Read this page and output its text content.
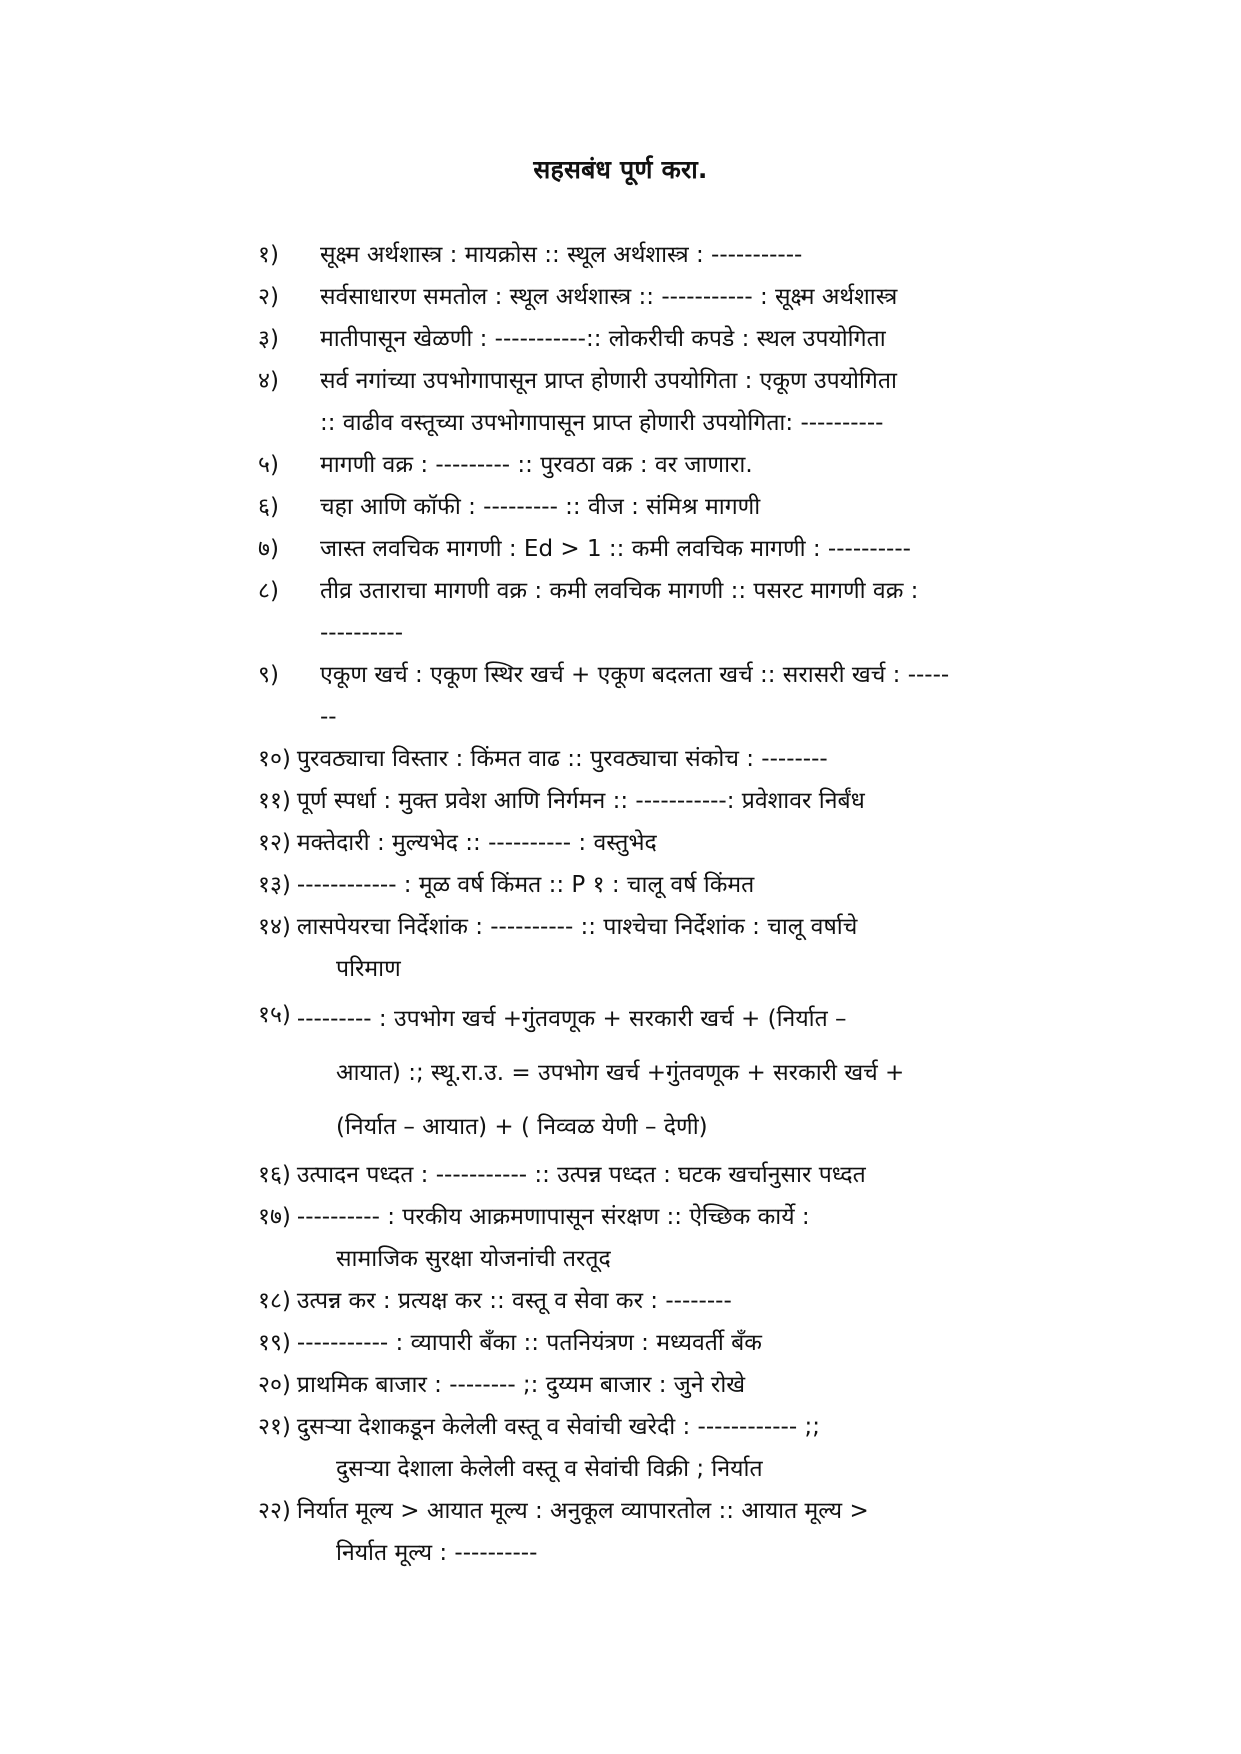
सहसबंध पूर्ण करा.
१)	सूक्ष्म अर्थशास्त्र : मायक्रोस :: स्थूल अर्थशास्त्र : -----------
२)	सर्वसाधारण समतोल : स्थूल अर्थशास्त्र :: ----------- : सूक्ष्म अर्थशास्त्र
३)	मातीपासून खेळणी : -----------:: लोकरीची कपडे : स्थल उपयोगिता
४)	सर्व नगांच्या उपभोगापासून प्राप्त होणारी उपयोगिता : एकूण उपयोगिता
:: वाढीव वस्तूच्या उपभोगापासून प्राप्त होणारी उपयोगिता: ----------
५)	मागणी वक्र : --------- :: पुरवठा वक्र : वर जाणारा.
६)	चहा आणि कॉफी : --------- :: वीज : संमिश्र मागणी
७)	जास्त लवचिक मागणी : Ed > 1 :: कमी लवचिक मागणी : ----------
८)	तीव्र उताराचा मागणी वक्र : कमी लवचिक मागणी :: पसरट मागणी वक्र :
----------
९)	एकूण खर्च : एकूण स्थिर खर्च + एकूण बदलता खर्च :: सरासरी खर्च : -----
--
१०) पुरवठ्याचा विस्तार : किंमत वाढ :: पुरवठ्याचा संकोच : --------
११) पूर्ण स्पर्धा : मुक्त प्रवेश आणि निर्गमन :: -----------: प्रवेशावर निर्बंध
१२) मक्तेदारी : मुल्यभेद :: ---------- : वस्तुभेद
१३) ------------ : मूळ वर्ष किंमत :: P १ : चालू वर्ष किंमत
१४) लासपेयरचा निर्देशांक : ---------- :: पाश्चेचा निर्देशांक : चालू वर्षाचे
परिमाण
१५) --------- : उपभोग खर्च +गुंतवणूक + सरकारी खर्च + (निर्यात –
आयात) :; स्थू.रा.उ. = उपभोग खर्च +गुंतवणूक + सरकारी खर्च +
(निर्यात – आयात) + ( निव्वळ येणी – देणी)
१६) उत्पादन पध्दत : ----------- :: उत्पन्न पध्दत : घटक खर्चानुसार पध्दत
१७) ---------- : परकीय आक्रमणापासून संरक्षण :: ऐच्छिक कार्ये :
सामाजिक सुरक्षा योजनांची तरतूद
१८) उत्पन्न कर : प्रत्यक्ष कर :: वस्तू व सेवा कर : --------
१९) ----------- : व्यापारी बँका :: पतनियंत्रण : मध्यवर्ती बँक
२०) प्राथमिक बाजार : -------- ;: दुय्यम बाजार : जुने रोखे
२१) दुसऱ्या देशाकडून केलेली वस्तू व सेवांची खरेदी : ------------ ;;
दुसऱ्या देशाला केलेली वस्तू व सेवांची विक्री ; निर्यात
२२) निर्यात मूल्य > आयात मूल्य : अनुकूल व्यापारतोल :: आयात मूल्य >
निर्यात मूल्य : ----------
